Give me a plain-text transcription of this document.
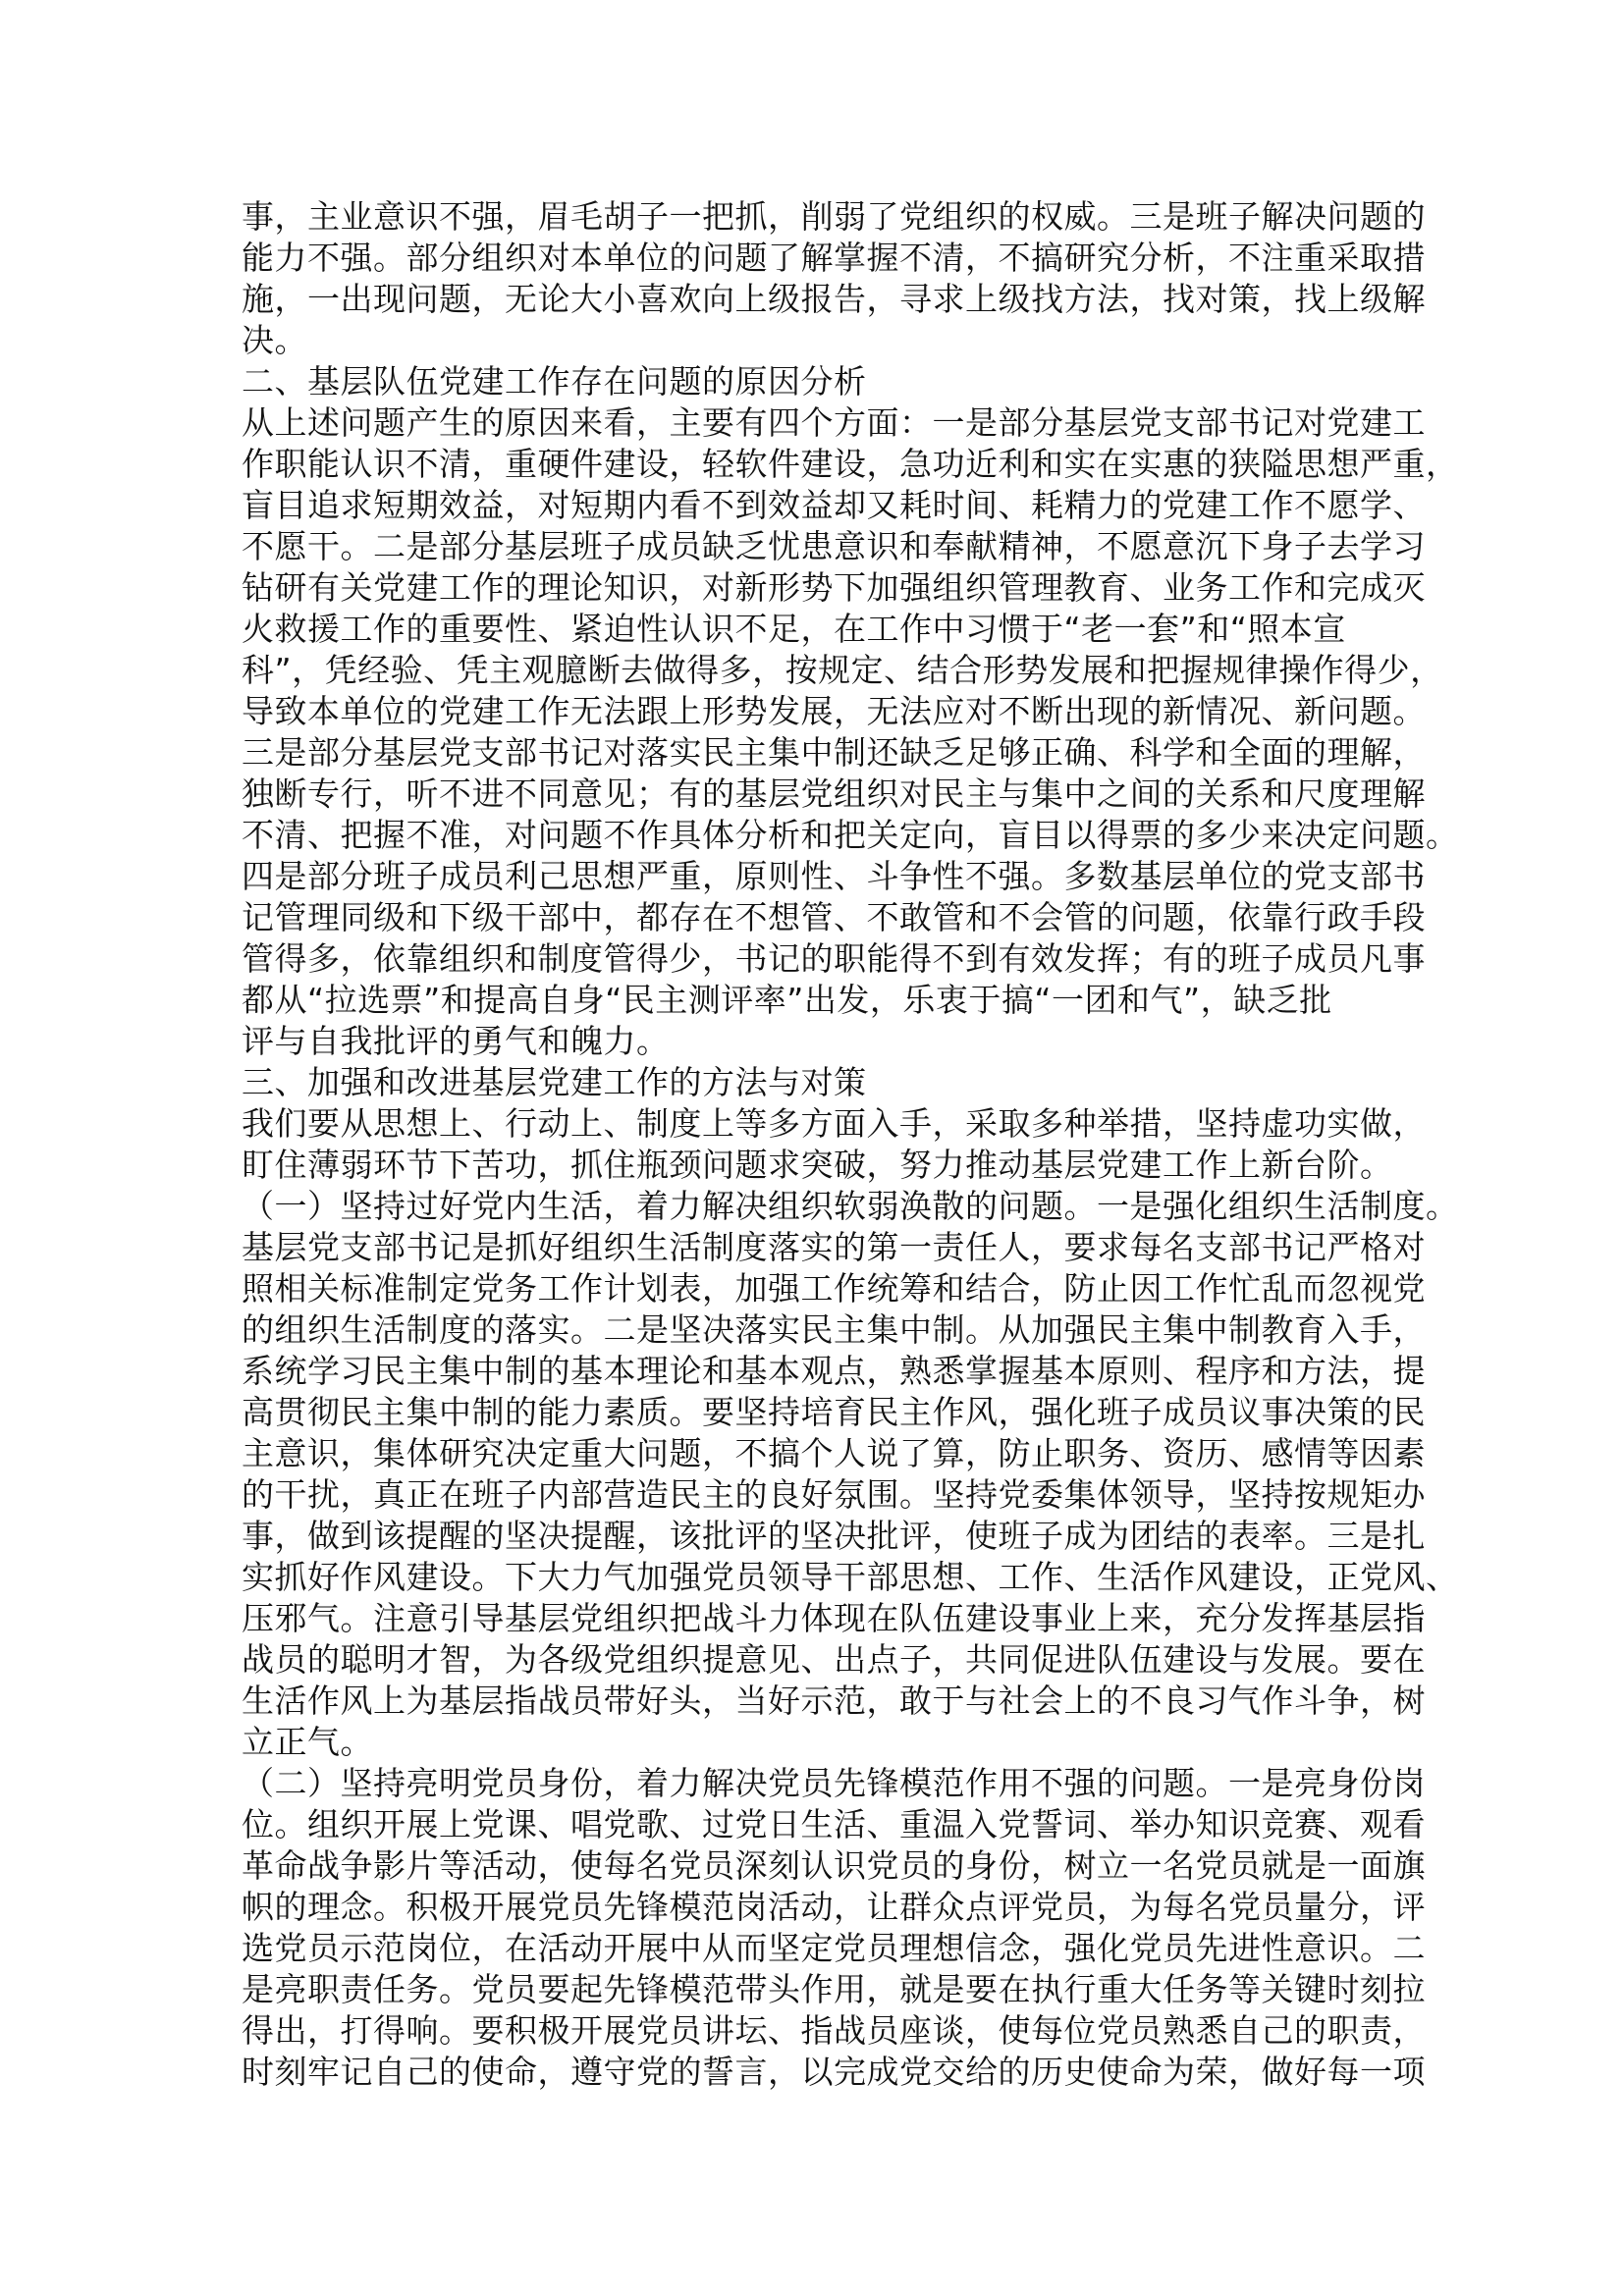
事，主业意识不强，眉毛胡子一把抓，削弱了党组织的权威。三是班子解决问题的
能力不强。部分组织对本单位的问题了解掌握不清，不搞研究分析，不注重采取措
施，一出现问题，无论大小喜欢向上级报告，寻求上级找方法，找对策，找上级解
决。
二、基层队伍党建工作存在问题的原因分析
从上述问题产生的原因来看，主要有四个方面：一是部分基层党支部书记对党建工
作职能认识不清，重硬件建设，轻软件建设，急功近利和实在实惠的狭隘思想严重，
盲目追求短期效益，对短期内看不到效益却又耗时间、耗精力的党建工作不愿学、
不愿干。二是部分基层班子成员缺乏忧患意识和奉献精神，不愿意沉下身子去学习
钻研有关党建工作的理论知识，对新形势下加强组织管理教育、业务工作和完成灭
火救援工作的重要性、紧迫性认识不足，在工作中习惯于“老一套”和“照本宣
科”，凭经验、凭主观臆断去做得多，按规定、结合形势发展和把握规律操作得少，
导致本单位的党建工作无法跟上形势发展，无法应对不断出现的新情况、新问题。
三是部分基层党支部书记对落实民主集中制还缺乏足够正确、科学和全面的理解，
独断专行，听不进不同意见；有的基层党组织对民主与集中之间的关系和尺度理解
不清、把握不准，对问题不作具体分析和把关定向，盲目以得票的多少来决定问题。
四是部分班子成员利己思想严重，原则性、斗争性不强。多数基层单位的党支部书
记管理同级和下级干部中，都存在不想管、不敢管和不会管的问题，依靠行政手段
管得多，依靠组织和制度管得少，书记的职能得不到有效发挥；有的班子成员凡事
都从“拉选票”和提高自身“民主测评率”出发，乐衷于搞“一团和气”，缺乏批
评与自我批评的勇气和魄力。
三、加强和改进基层党建工作的方法与对策
我们要从思想上、行动上、制度上等多方面入手，采取多种举措，坚持虚功实做，
盯住薄弱环节下苦功，抓住瓶颈问题求突破，努力推动基层党建工作上新台阶。
（一）坚持过好党内生活，着力解决组织软弱涣散的问题。一是强化组织生活制度。
基层党支部书记是抓好组织生活制度落实的第一责任人，要求每名支部书记严格对
照相关标准制定党务工作计划表，加强工作统筹和结合，防止因工作忙乱而忽视党
的组织生活制度的落实。二是坚决落实民主集中制。从加强民主集中制教育入手，
系统学习民主集中制的基本理论和基本观点，熟悉掌握基本原则、程序和方法，提
高贯彻民主集中制的能力素质。要坚持培育民主作风，强化班子成员议事决策的民
主意识，集体研究决定重大问题，不搞个人说了算，防止职务、资历、感情等因素
的干扰，真正在班子内部营造民主的良好氛围。坚持党委集体领导，坚持按规矩办
事，做到该提醒的坚决提醒，该批评的坚决批评，使班子成为团结的表率。三是扎
实抓好作风建设。下大力气加强党员领导干部思想、工作、生活作风建设，正党风、
压邪气。注意引导基层党组织把战斗力体现在队伍建设事业上来，充分发挥基层指
战员的聪明才智，为各级党组织提意见、出点子，共同促进队伍建设与发展。要在
生活作风上为基层指战员带好头，当好示范，敢于与社会上的不良习气作斗争，树
立正气。
（二）坚持亮明党员身份，着力解决党员先锋模范作用不强的问题。一是亮身份岗
位。组织开展上党课、唱党歌、过党日生活、重温入党誓词、举办知识竞赛、观看
革命战争影片等活动，使每名党员深刻认识党员的身份，树立一名党员就是一面旗
帜的理念。积极开展党员先锋模范岗活动，让群众点评党员，为每名党员量分，评
选党员示范岗位，在活动开展中从而坚定党员理想信念，强化党员先进性意识。二
是亮职责任务。党员要起先锋模范带头作用，就是要在执行重大任务等关键时刻拉
得出，打得响。要积极开展党员讲坛、指战员座谈，使每位党员熟悉自己的职责，
时刻牢记自己的使命，遵守党的誓言，以完成党交给的历史使命为荣，做好每一项
